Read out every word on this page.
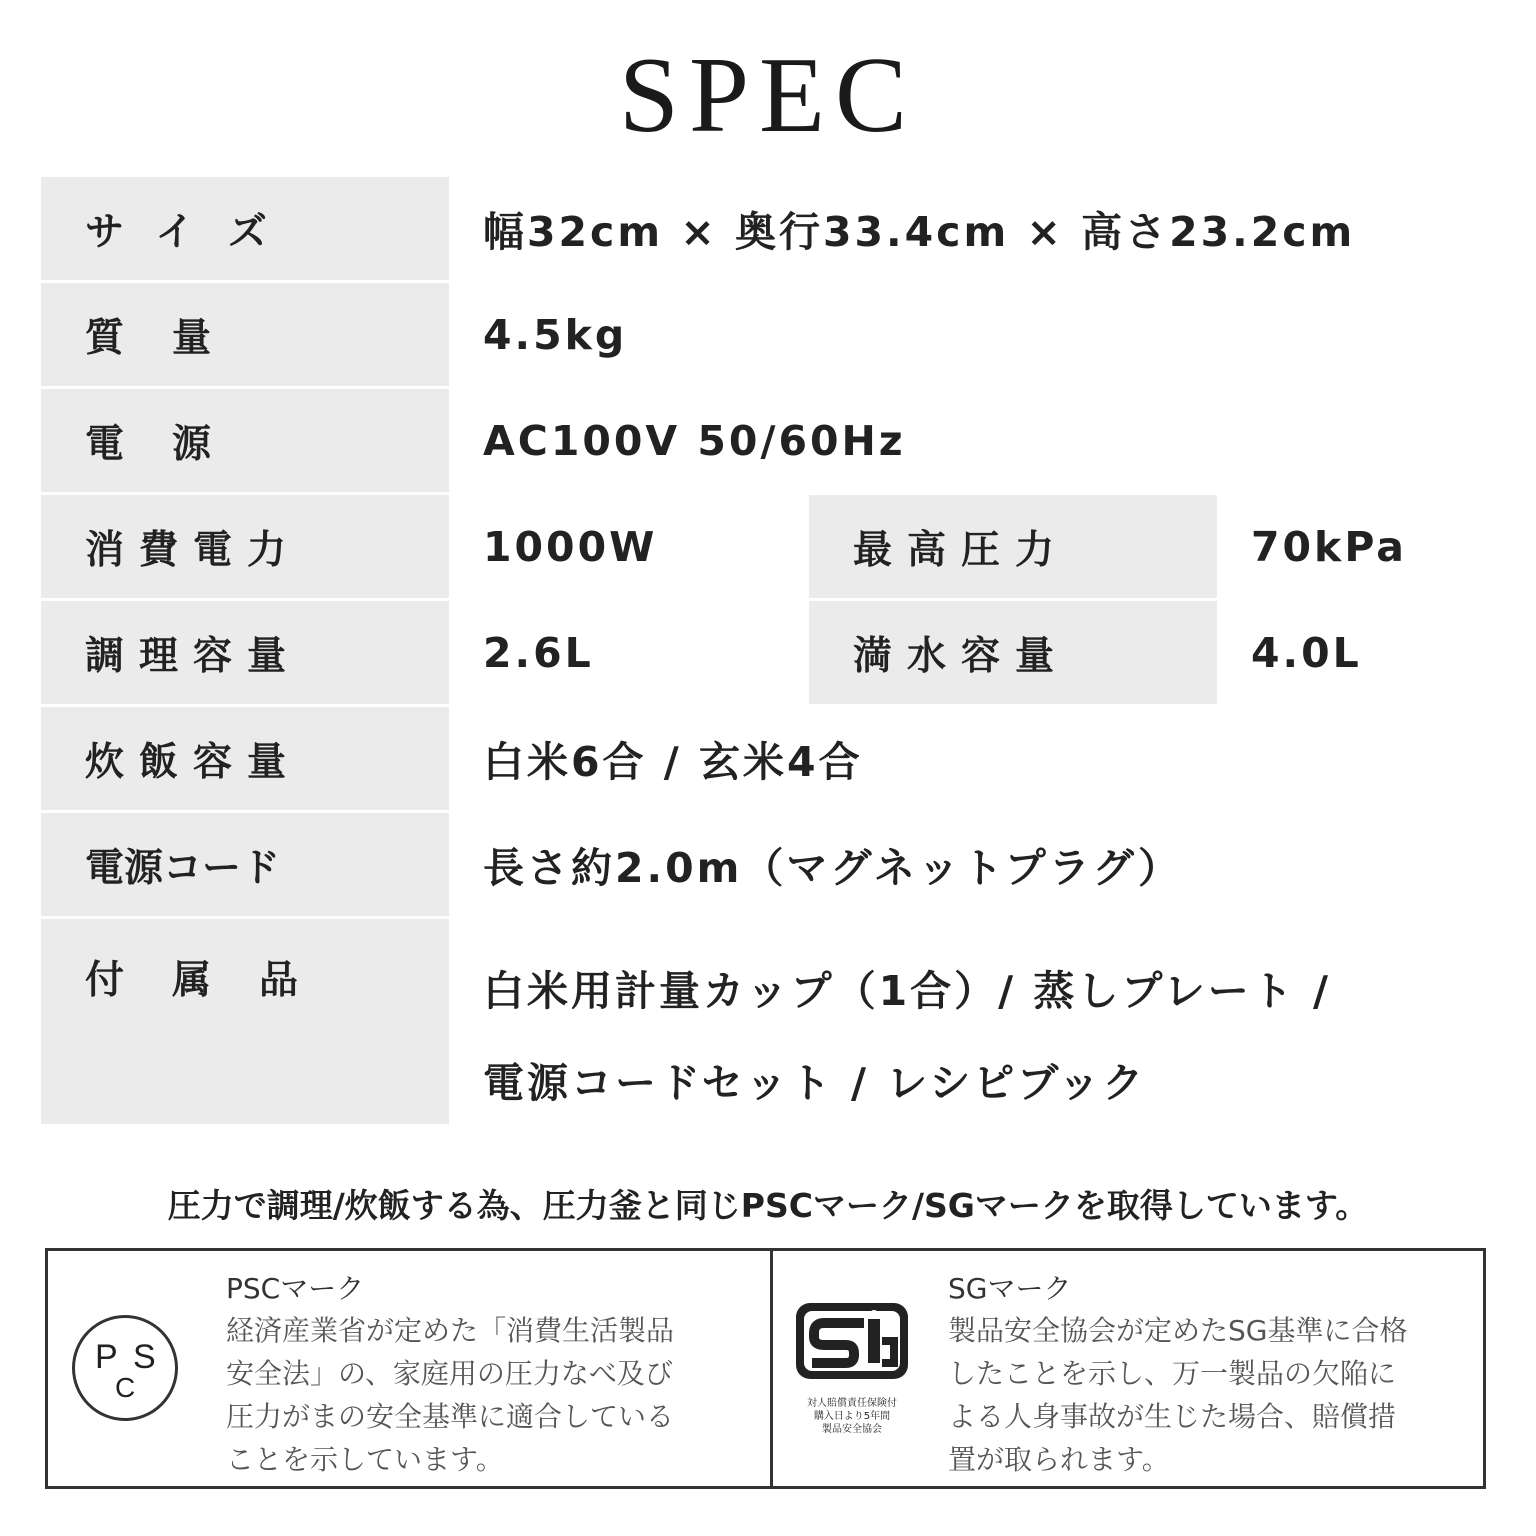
SPEC
サイズ	幅32cm × 奥行33.4cm × 高さ23.2cm
質量	4.5kg
電源	AC100V 50/60Hz
消費電力	1000W	最高圧力	70kPa
調理容量	2.6L	満水容量	4.0L
炊飯容量	白米6合 / 玄米4合
電源コード	長さ約2.0m（マグネットプラグ）
付属品	白米用計量カップ（1合）/ 蒸しプレート /
電源コードセット / レシピブック
圧力で調理/炊飯する為、圧力釜と同じPSCマーク/SGマークを取得しています。
P S
C
PSCマーク
経済産業省が定めた「消費生活製品
安全法」の、家庭用の圧力なべ及び
圧力がまの安全基準に適合している
ことを示しています。
対人賠償責任保険付
購入日より5年間
製品安全協会
SGマーク
製品安全協会が定めたSG基準に合格
したことを示し、万一製品の欠陥に
よる人身事故が生じた場合、賠償措
置が取られます。
